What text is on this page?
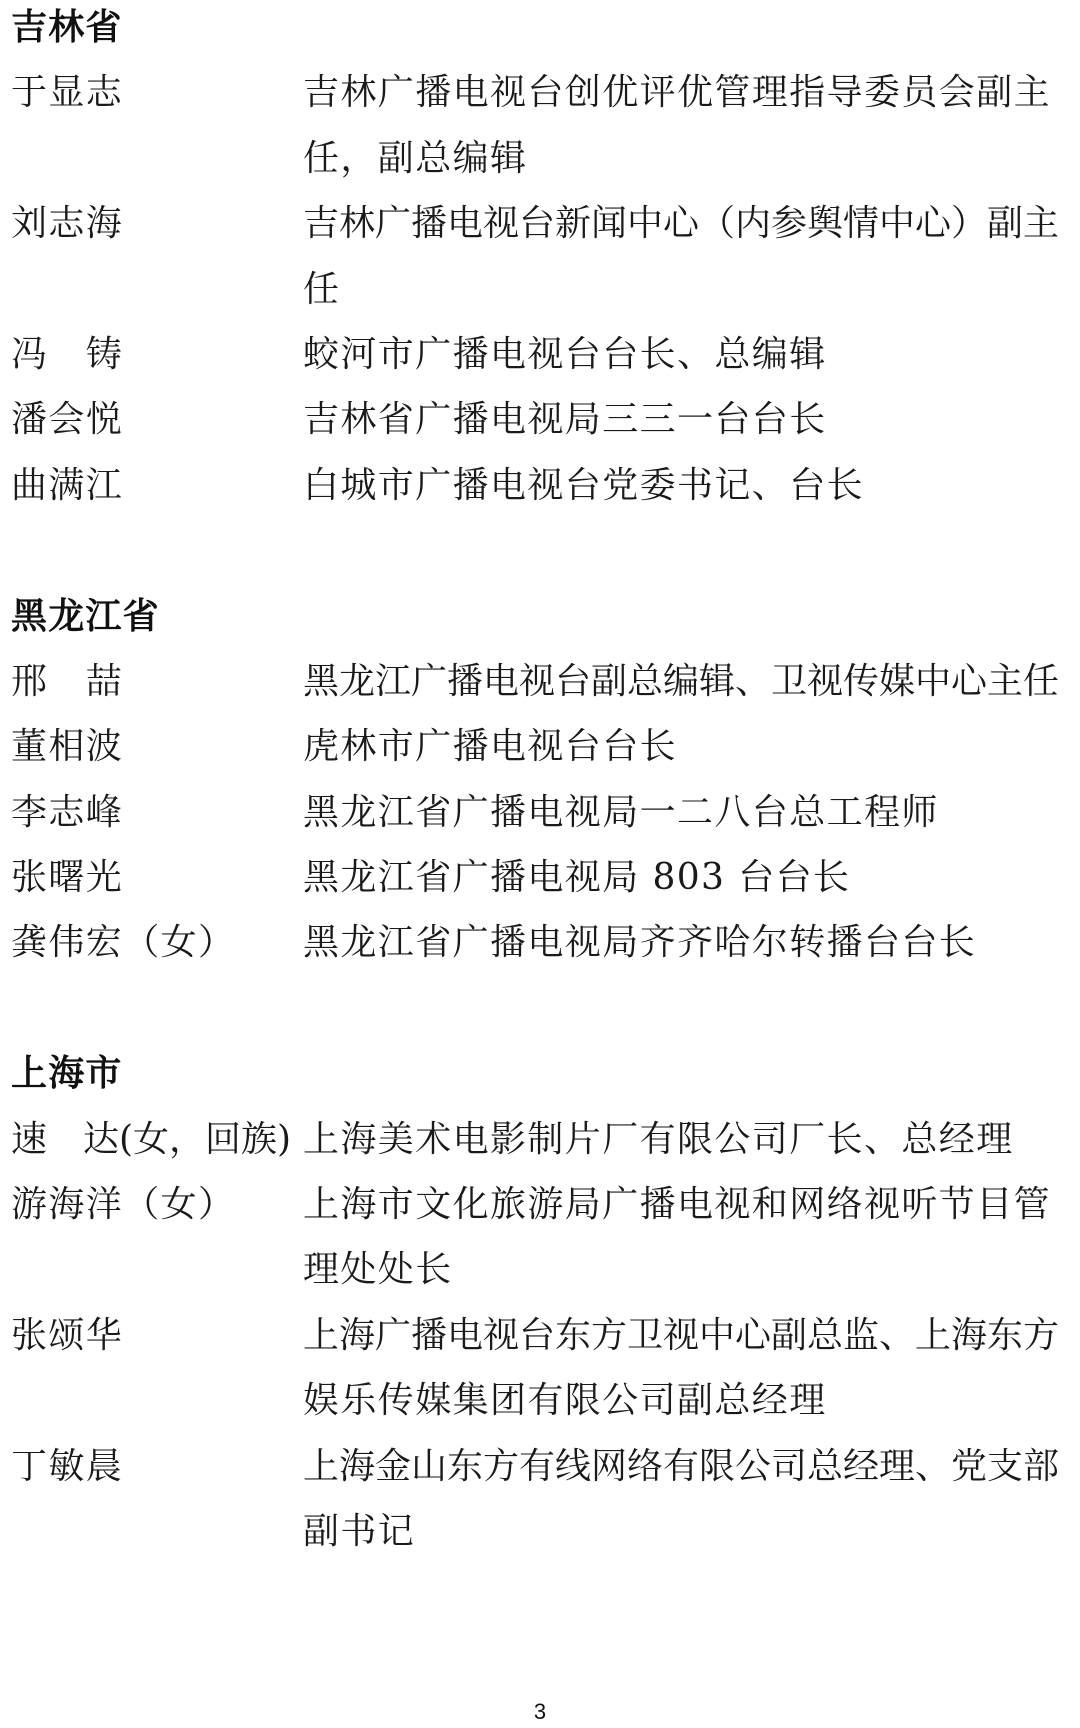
吉林省
于显志	吉林广播电视台创优评优管理指导委员会副主
任，副总编辑
刘志海	吉林广播电视台新闻中心（内参舆情中心）副主
任
冯　铸	蛟河市广播电视台台长、总编辑
潘会悦	吉林省广播电视局三三一台台长
曲满江	白城市广播电视台党委书记、台长
黑龙江省
邢　喆	黑龙江广播电视台副总编辑、卫视传媒中心主任
董相波	虎林市广播电视台台长
李志峰	黑龙江省广播电视局一二八台总工程师
张曙光	黑龙江省广播电视局 803 台台长
龚伟宏（女） 黑龙江省广播电视局齐齐哈尔转播台台长
上海市
速　达(女，回族) 上海美术电影制片厂有限公司厂长、总经理
游海洋（女） 上海市文化旅游局广播电视和网络视听节目管
理处处长
张颂华	上海广播电视台东方卫视中心副总监、上海东方
娱乐传媒集团有限公司副总经理
丁敏晨	上海金山东方有线网络有限公司总经理、党支部
副书记
3
